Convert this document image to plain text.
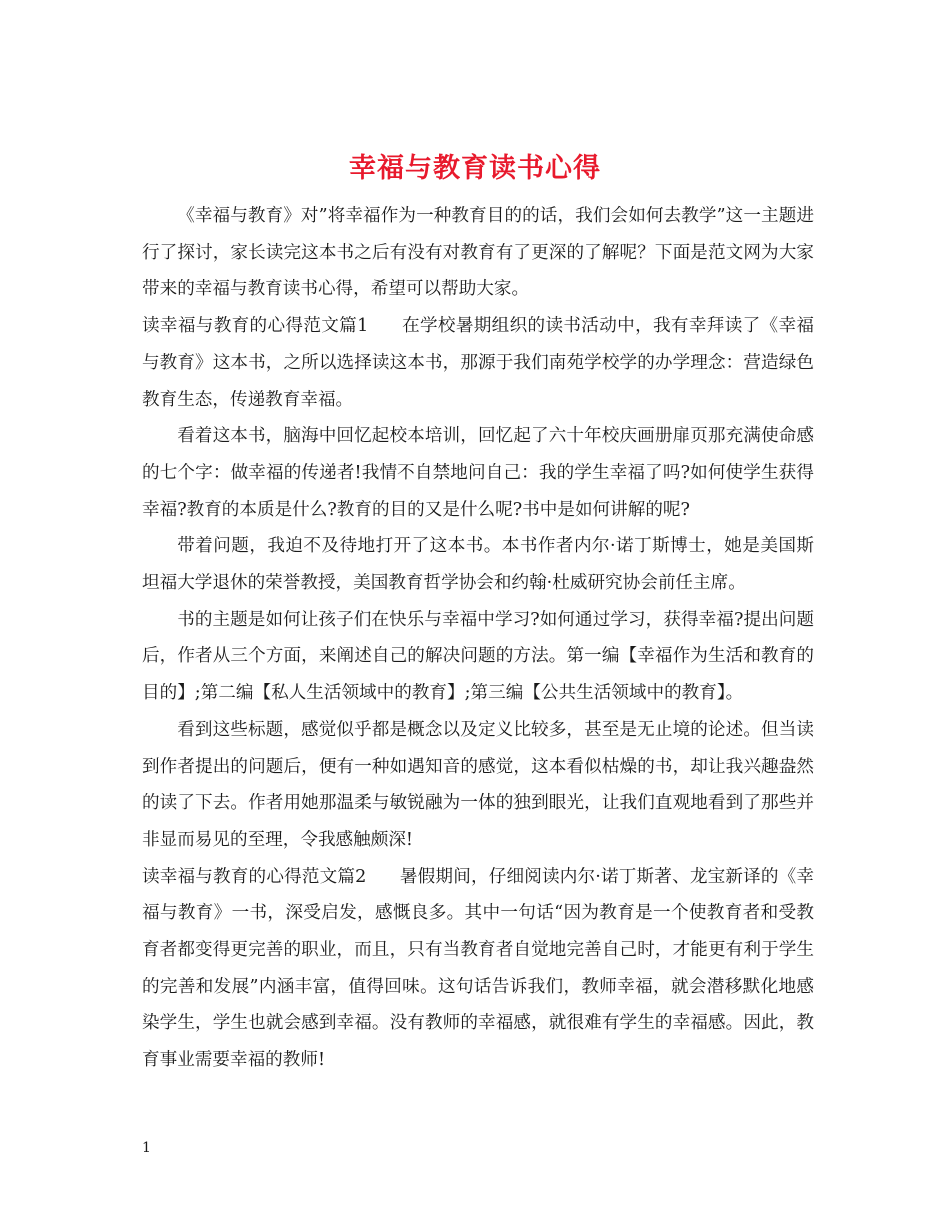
幸福与教育读书心得

《幸福与教育》对”将幸福作为一种教育目的的话，我们会如何去教学”这一主题进行了探讨，家长读完这本书之后有没有对教育有了更深的了解呢？下面是范文网为大家带来的幸福与教育读书心得，希望可以帮助大家。

读幸福与教育的心得范文篇1 在学校暑期组织的读书活动中，我有幸拜读了《幸福与教育》这本书，之所以选择读这本书，那源于我们南苑学校学的办学理念：营造绿色教育生态，传递教育幸福。

看着这本书，脑海中回忆起校本培训，回忆起了六十年校庆画册扉页那充满使命感的七个字：做幸福的传递者!我情不自禁地问自己：我的学生幸福了吗?如何使学生获得幸福?教育的本质是什么?教育的目的又是什么呢?书中是如何讲解的呢?

带着问题，我迫不及待地打开了这本书。本书作者内尔·诺丁斯博士，她是美国斯坦福大学退休的荣誉教授，美国教育哲学协会和约翰·杜威研究协会前任主席。

书的主题是如何让孩子们在快乐与幸福中学习?如何通过学习，获得幸福?提出问题后，作者从三个方面，来阐述自己的解决问题的方法。第一编【幸福作为生活和教育的目的】;第二编【私人生活领域中的教育】;第三编【公共生活领域中的教育】。

看到这些标题，感觉似乎都是概念以及定义比较多，甚至是无止境的论述。但当读到作者提出的问题后，便有一种如遇知音的感觉，这本看似枯燥的书，却让我兴趣盎然的读了下去。作者用她那温柔与敏锐融为一体的独到眼光，让我们直观地看到了那些并非显而易见的至理，令我感触颇深!

读幸福与教育的心得范文篇2 暑假期间，仔细阅读内尔·诺丁斯著、龙宝新译的《幸福与教育》一书，深受启发，感慨良多。其中一句话“因为教育是一个使教育者和受教育者都变得更完善的职业，而且，只有当教育者自觉地完善自己时，才能更有利于学生的完善和发展”内涵丰富，值得回味。这句话告诉我们，教师幸福，就会潜移默化地感染学生，学生也就会感到幸福。没有教师的幸福感，就很难有学生的幸福感。因此，教育事业需要幸福的教师!

1
